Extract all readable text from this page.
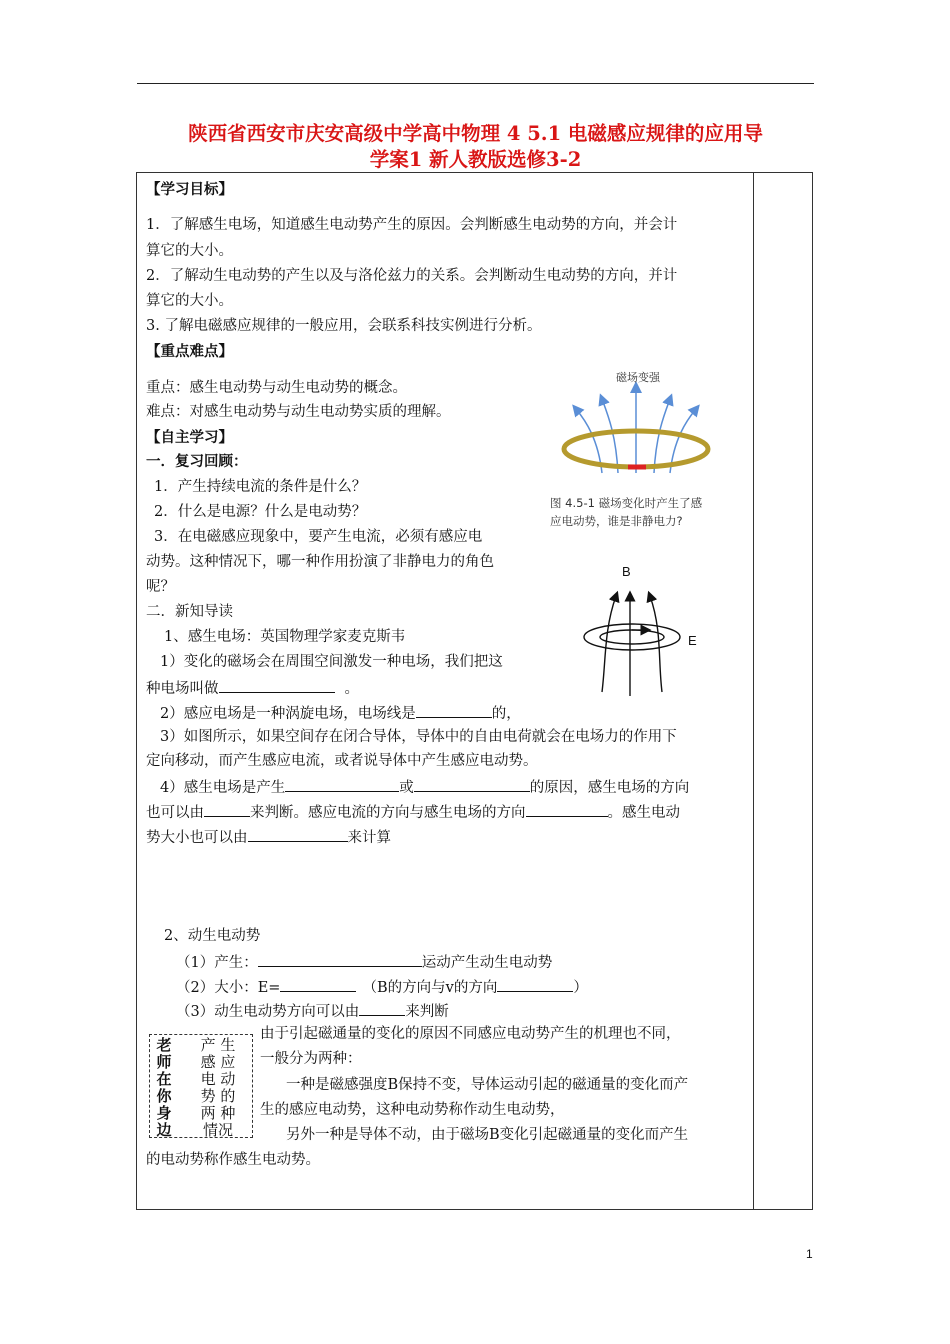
陕西省西安市庆安高级中学高中物理 4 5.1 电磁感应规律的应用导
学案1 新人教版选修3-2
【学习目标】
1．了解感生电场，知道感生电动势产生的原因。会判断感生电动势的方向，并会计
算它的大小。
2．了解动生电动势的产生以及与洛伦兹力的关系。会判断动生电动势的方向，并计
算它的大小。
3. 了解电磁感应规律的一般应用，会联系科技实例进行分析。
【重点难点】
重点：感生电动势与动生电动势的概念。
难点：对感生电动势与动生电动势实质的理解。
【自主学习】
一．复习回顾：
1．产生持续电流的条件是什么？
2．什么是电源？什么是电动势？
3．在电磁感应现象中，要产生电流，必须有感应电
动势。这种情况下，哪一种作用扮演了非静电力的角色
呢？
二．新知导读
1、感生电场：英国物理学家麦克斯韦
1）变化的磁场会在周围空间激发一种电场，我们把这
种电场叫做	。
2）感应电场是一种涡旋电场，电场线是	的，
3）如图所示，如果空间存在闭合导体，导体中的自由电荷就会在电场力的作用下
定向移动，而产生感应电流，或者说导体中产生感应电动势。
4）感生电场是产生	或	的原因，感生电场的方向
也可以由	来判断。感应电流的方向与感生电场的方向	。感生电动
势大小也可以由	来计算
2、动生电动势
（1）产生：	运动产生动生电动势
（2）大小：E=	（B的方向与v的方向	）
（3）动生电动势方向可以由	来判断
老
师
在
你
身
边
产 生
感 应
电 动
势 的
两 种
情况
由于引起磁通量的变化的原因不同感应电动势产生的机理也不同，
一般分为两种：
一种是磁感强度B保持不变，导体运动引起的磁通量的变化而产
生的感应电动势，这种电动势称作动生电动势，
另外一种是导体不动，由于磁场B变化引起磁通量的变化而产生
的电动势称作感生电动势。
磁场变强
图 4.5-1 磁场变化时产生了感
应电动势，谁是非静电力?
B
E
1
